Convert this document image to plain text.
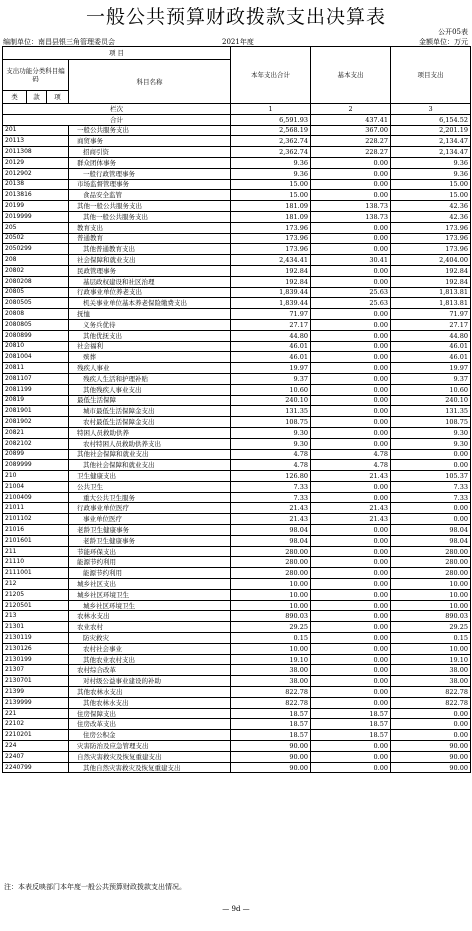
一般公共预算财政拨款支出决算表
公开05表
编制单位：南昌县银三角管理委员会	2021年度	金额单位：万元
项 目				本年支出合计	基本支出	项目支出
支出功能分类科目编码			科目名称			
类	款	项				
栏次				1	2	3
合计				6,591.93	437.41	6,154.52
201			一般公共服务支出	2,568.19	367.00	2,201.19
20113			商贸事务	2,362.74	228.27	2,134.47
2011308			招商引资	2,362.74	228.27	2,134.47
20129			群众团体事务	9.36	0.00	9.36
2012902			一般行政管理事务	9.36	0.00	9.36
20138			市场监督管理事务	15.00	0.00	15.00
2013816			食品安全监管	15.00	0.00	15.00
20199			其他一般公共服务支出	181.09	138.73	42.36
2019999			其他一般公共服务支出	181.09	138.73	42.36
205			教育支出	173.96	0.00	173.96
20502			普通教育	173.96	0.00	173.96
2050299			其他普通教育支出	173.96	0.00	173.96
208			社会保障和就业支出	2,434.41	30.41	2,404.00
20802			民政管理事务	192.84	0.00	192.84
2080208			基层政权建设和社区治理	192.84	0.00	192.84
20805			行政事业单位养老支出	1,839.44	25.63	1,813.81
2080505			机关事业单位基本养老保险缴费支出	1,839.44	25.63	1,813.81
20808			抚恤	71.97	0.00	71.97
2080805			义务兵优待	27.17	0.00	27.17
2080899			其他优抚支出	44.80	0.00	44.80
20810			社会福利	46.01	0.00	46.01
2081004			殡葬	46.01	0.00	46.01
20811			残疾人事业	19.97	0.00	19.97
2081107			残疾人生活和护理补贴	9.37	0.00	9.37
2081199			其他残疾人事业支出	10.60	0.00	10.60
20819			最低生活保障	240.10	0.00	240.10
2081901			城市最低生活保障金支出	131.35	0.00	131.35
2081902			农村最低生活保障金支出	108.75	0.00	108.75
20821			特困人员救助供养	9.30	0.00	9.30
2082102			农村特困人员救助供养支出	9.30	0.00	9.30
20899			其他社会保障和就业支出	4.78	4.78	0.00
2089999			其他社会保障和就业支出	4.78	4.78	0.00
210			卫生健康支出	126.80	21.43	105.37
21004			公共卫生	7.33	0.00	7.33
2100409			重大公共卫生服务	7.33	0.00	7.33
21011			行政事业单位医疗	21.43	21.43	0.00
2101102			事业单位医疗	21.43	21.43	0.00
21016			老龄卫生健康事务	98.04	0.00	98.04
2101601			老龄卫生健康事务	98.04	0.00	98.04
211			节能环保支出	280.00	0.00	280.00
21110			能源节约利用	280.00	0.00	280.00
2111001			能源节约利用	280.00	0.00	280.00
212			城乡社区支出	10.00	0.00	10.00
21205			城乡社区环境卫生	10.00	0.00	10.00
2120501			城乡社区环境卫生	10.00	0.00	10.00
213			农林水支出	890.03	0.00	890.03
21301			农业农村	29.25	0.00	29.25
2130119			防灾救灾	0.15	0.00	0.15
2130126			农村社会事业	10.00	0.00	10.00
2130199			其他农业农村支出	19.10	0.00	19.10
21307			农村综合改革	38.00	0.00	38.00
2130701			对村级公益事业建设的补助	38.00	0.00	38.00
21399			其他农林水支出	822.78	0.00	822.78
2139999			其他农林水支出	822.78	0.00	822.78
221			住房保障支出	18.57	18.57	0.00
22102			住房改革支出	18.57	18.57	0.00
2210201			住房公积金	18.57	18.57	0.00
224			灾害防治及应急管理支出	90.00	0.00	90.00
22407			自然灾害救灾及恢复重建支出	90.00	0.00	90.00
2240799			其他自然灾害救灾及恢复重建支出	90.00	0.00	90.00
注：本表反映部门本年度一般公共预算财政拨款支出情况。
— 9d —
